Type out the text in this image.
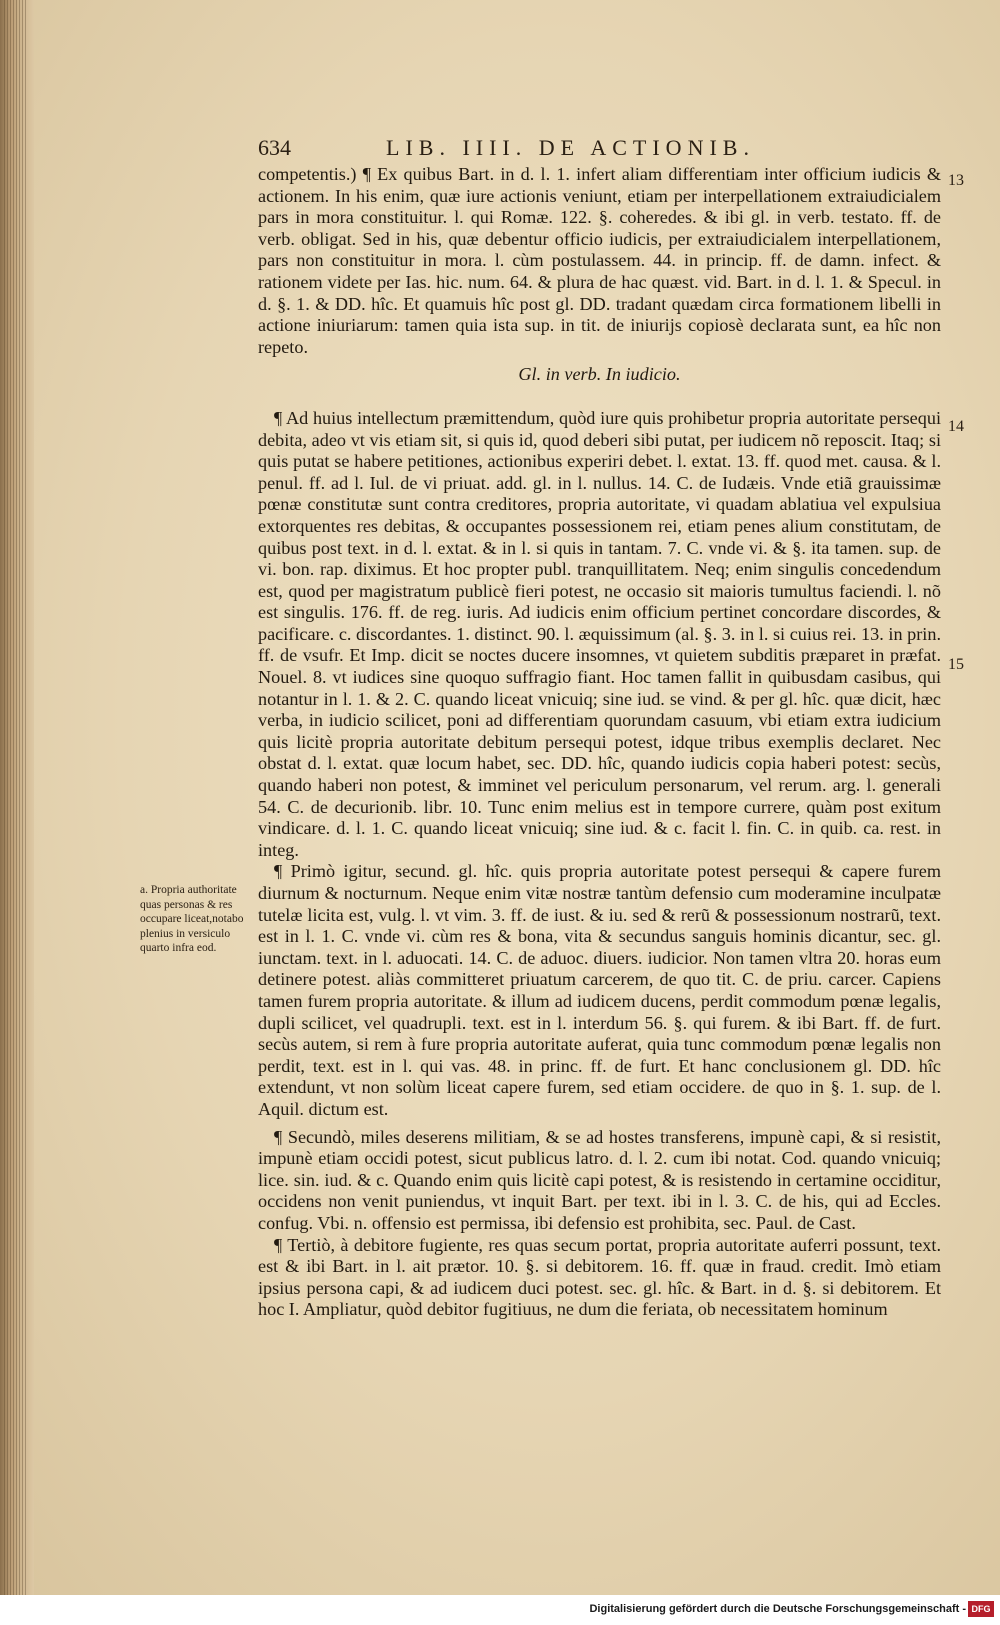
634	LIB. IIII. DE ACTIONIB.
13
14
15
a. Propria authoritate quas personas & res occupare liceat,notabo plenius in versiculo quarto infra eod.

competentis.) ¶ Ex quibus Bart. in d. l. 1. infert aliam differentiam inter officium iudicis & actionem. In his enim, quæ iure actionis veniunt, etiam per interpellationem extraiudicialem pars in mora constituitur. l. qui Romæ. 122. §. coheredes. & ibi gl. in verb. testato. ff. de verb. obligat. Sed in his, quæ debentur officio iudicis, per extraiudicialem interpellationem, pars non constituitur in mora. l. cùm postulassem. 44. in princip. ff. de damn. infect. & rationem videte per Ias. hic. num. 64. & plura de hac quæst. vid. Bart. in d. l. 1. & Specul. in d. §. 1. & DD. hîc. Et quamuis hîc post gl. DD. tradant quædam circa formationem libelli in actione iniuriarum: tamen quia ista sup. in tit. de iniurijs copiosè declarata sunt, ea hîc non repeto.

Gl. in verb. In iudicio.

¶ Ad huius intellectum præmittendum, quòd iure quis prohibetur propria autoritate persequi debita, adeo vt vis etiam sit, si quis id, quod deberi sibi putat, per iudicem nõ reposcit. Itaq; si quis putat se habere petitiones, actionibus experiri debet. l. extat. 13. ff. quod met. causa. & l. penul. ff. ad l. Iul. de vi priuat. add. gl. in l. nullus. 14. C. de Iudæis. Vnde etiã grauissimæ pœnæ constitutæ sunt contra creditores, propria autoritate, vi quadam ablatiua vel expulsiua extorquentes res debitas, & occupantes possessionem rei, etiam penes alium constitutam, de quibus post text. in d. l. extat. & in l. si quis in tantam. 7. C. vnde vi. & §. ita tamen. sup. de vi. bon. rap. diximus. Et hoc propter publ. tranquillitatem. Neq; enim singulis concedendum est, quod per magistratum publicè fieri potest, ne occasio sit maioris tumultus faciendi. l. nõ est singulis. 176. ff. de reg. iuris. Ad iudicis enim officium pertinet concordare discordes, & pacificare. c. discordantes. 1. distinct. 90. l. æquissimum (al. §. 3. in l. si cuius rei. 13. in prin. ff. de vsufr. Et Imp. dicit se noctes ducere insomnes, vt quietem subditis præparet in præfat. Nouel. 8. vt iudices sine quoquo suffragio fiant. Hoc tamen fallit in quibusdam casibus, qui notantur in l. 1. & 2. C. quando liceat vnicuiq; sine iud. se vind. & per gl. hîc. quæ dicit, hæc verba, in iudicio scilicet, poni ad differentiam quorundam casuum, vbi etiam extra iudicium quis licitè propria autoritate debitum persequi potest, idque tribus exemplis declaret. Nec obstat d. l. extat. quæ locum habet, sec. DD. hîc, quando iudicis copia haberi potest: secùs, quando haberi non potest, & imminet vel periculum personarum, vel rerum. arg. l. generali 54. C. de decurionib. libr. 10. Tunc enim melius est in tempore currere, quàm post exitum vindicare. d. l. 1. C. quando liceat vnicuiq; sine iud. & c. facit l. fin. C. in quib. ca. rest. in integ.

¶ Primò igitur, secund. gl. hîc. quis propria autoritate potest persequi & capere furem diurnum & nocturnum. Neque enim vitæ nostræ tantùm defensio cum moderamine inculpatæ tutelæ licita est, vulg. l. vt vim. 3. ff. de iust. & iu. sed & rerũ & possessionum nostrarũ, text. est in l. 1. C. vnde vi. cùm res & bona, vita & secundus sanguis hominis dicantur, sec. gl. iunctam. text. in l. aduocati. 14. C. de aduoc. diuers. iudicior. Non tamen vltra 20. horas eum detinere potest. aliàs committeret priuatum carcerem, de quo tit. C. de priu. carcer. Capiens tamen furem propria autoritate. & illum ad iudicem ducens, perdit commodum pœnæ legalis, dupli scilicet, vel quadrupli. text. est in l. interdum 56. §. qui furem. & ibi Bart. ff. de furt. secùs autem, si rem à fure propria autoritate auferat, quia tunc commodum pœnæ legalis non perdit, text. est in l. qui vas. 48. in princ. ff. de furt. Et hanc conclusionem gl. DD. hîc extendunt, vt non solùm liceat capere furem, sed etiam occidere. de quo in §. 1. sup. de l. Aquil. dictum est.

¶ Secundò, miles deserens militiam, & se ad hostes transferens, impunè capi, & si resistit, impunè etiam occidi potest, sicut publicus latro. d. l. 2. cum ibi notat. Cod. quando vnicuiq; lice. sin. iud. & c. Quando enim quis licitè capi potest, & is resistendo in certamine occiditur, occidens non venit puniendus, vt inquit Bart. per text. ibi in l. 3. C. de his, qui ad Eccles. confug. Vbi. n. offensio est permissa, ibi defensio est prohibita, sec. Paul. de Cast.

¶ Tertiò, à debitore fugiente, res quas secum portat, propria autoritate auferri possunt, text. est & ibi Bart. in l. ait prætor. 10. §. si debitorem. 16. ff. quæ in fraud. credit. Imò etiam ipsius persona capi, & ad iudicem duci potest. sec. gl. hîc. & Bart. in d. §. si debitorem. Et hoc I. Ampliatur, quòd debitor fugitiuus, ne dum die feriata, ob necessitatem hominum

Digitalisierung gefördert durch die Deutsche Forschungsgemeinschaft - DFG
